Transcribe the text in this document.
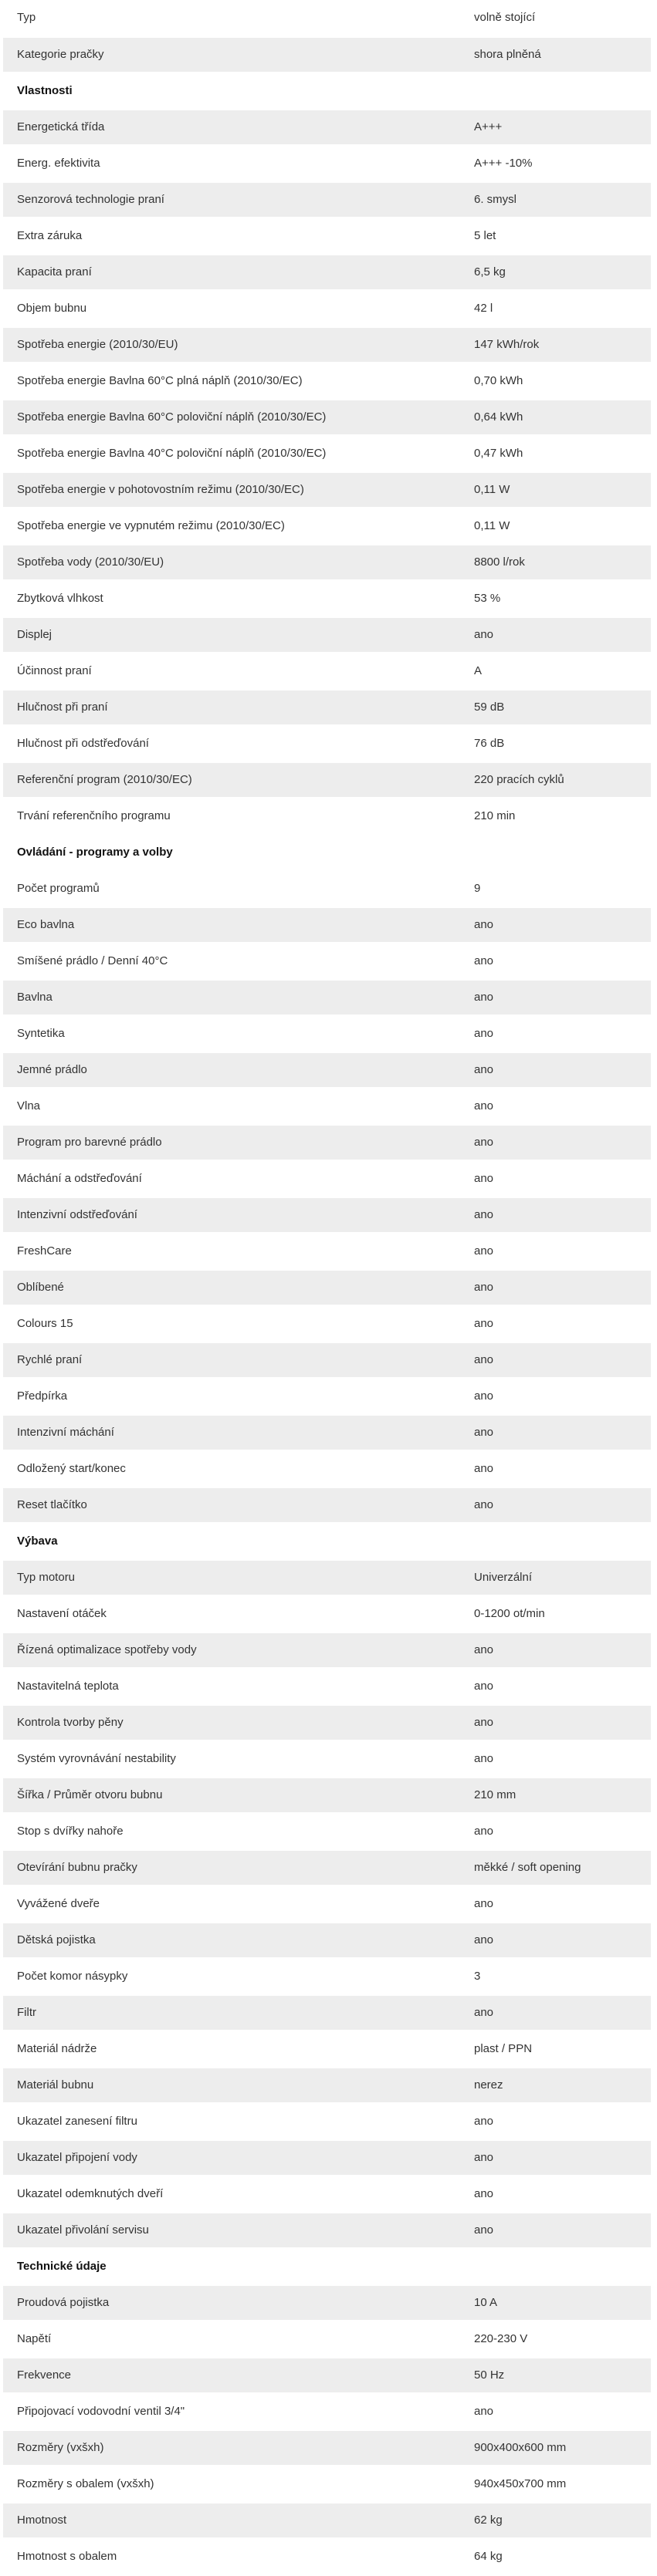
Typ	volně stojící
Kategorie pračky	shora plněná
Vlastnosti	
Energetická třída	A+++
Energ. efektivita	A+++ -10%
Senzorová technologie praní	6. smysl
Extra záruka	5 let
Kapacita praní	6,5 kg
Objem bubnu	42 l
Spotřeba energie (2010/30/EU)	147 kWh/rok
Spotřeba energie Bavlna 60°C plná náplň (2010/30/EC)	0,70 kWh
Spotřeba energie Bavlna 60°C poloviční náplň (2010/30/EC)	0,64 kWh
Spotřeba energie Bavlna 40°C poloviční náplň (2010/30/EC)	0,47 kWh
Spotřeba energie v pohotovostním režimu (2010/30/EC)	0,11 W
Spotřeba energie ve vypnutém režimu (2010/30/EC)	0,11 W
Spotřeba vody (2010/30/EU)	8800 l/rok
Zbytková vlhkost	53 %
Displej	ano
Účinnost praní	A
Hlučnost při praní	59 dB
Hlučnost při odstřeďování	76 dB
Referenční program (2010/30/EC)	220 pracích cyklů
Trvání referenčního programu	210 min
Ovládání - programy a volby	
Počet programů	9
Eco bavlna	ano
Smíšené prádlo / Denní 40°C	ano
Bavlna	ano
Syntetika	ano
Jemné prádlo	ano
Vlna	ano
Program pro barevné prádlo	ano
Máchání a odstřeďování	ano
Intenzivní odstřeďování	ano
FreshCare	ano
Oblíbené	ano
Colours 15	ano
Rychlé praní	ano
Předpírka	ano
Intenzivní máchání	ano
Odložený start/konec	ano
Reset tlačítko	ano
Výbava	
Typ motoru	Univerzální
Nastavení otáček	0-1200 ot/min
Řízená optimalizace spotřeby vody	ano
Nastavitelná teplota	ano
Kontrola tvorby pěny	ano
Systém vyrovnávání nestability	ano
Šířka / Průměr otvoru bubnu	210 mm
Stop s dvířky nahoře	ano
Otevírání bubnu pračky	měkké / soft opening
Vyvážené dveře	ano
Dětská pojistka	ano
Počet komor násypky	3
Filtr	ano
Materiál nádrže	plast / PPN
Materiál bubnu	nerez
Ukazatel zanesení filtru	ano
Ukazatel připojení vody	ano
Ukazatel odemknutých dveří	ano
Ukazatel přivolání servisu	ano
Technické údaje	
Proudová pojistka	10 A
Napětí	220-230 V
Frekvence	50 Hz
Připojovací vodovodní ventil 3/4"	ano
Rozměry (vxšxh)	900x400x600 mm
Rozměry s obalem (vxšxh)	940x450x700 mm
Hmotnost	62 kg
Hmotnost s obalem	64 kg
